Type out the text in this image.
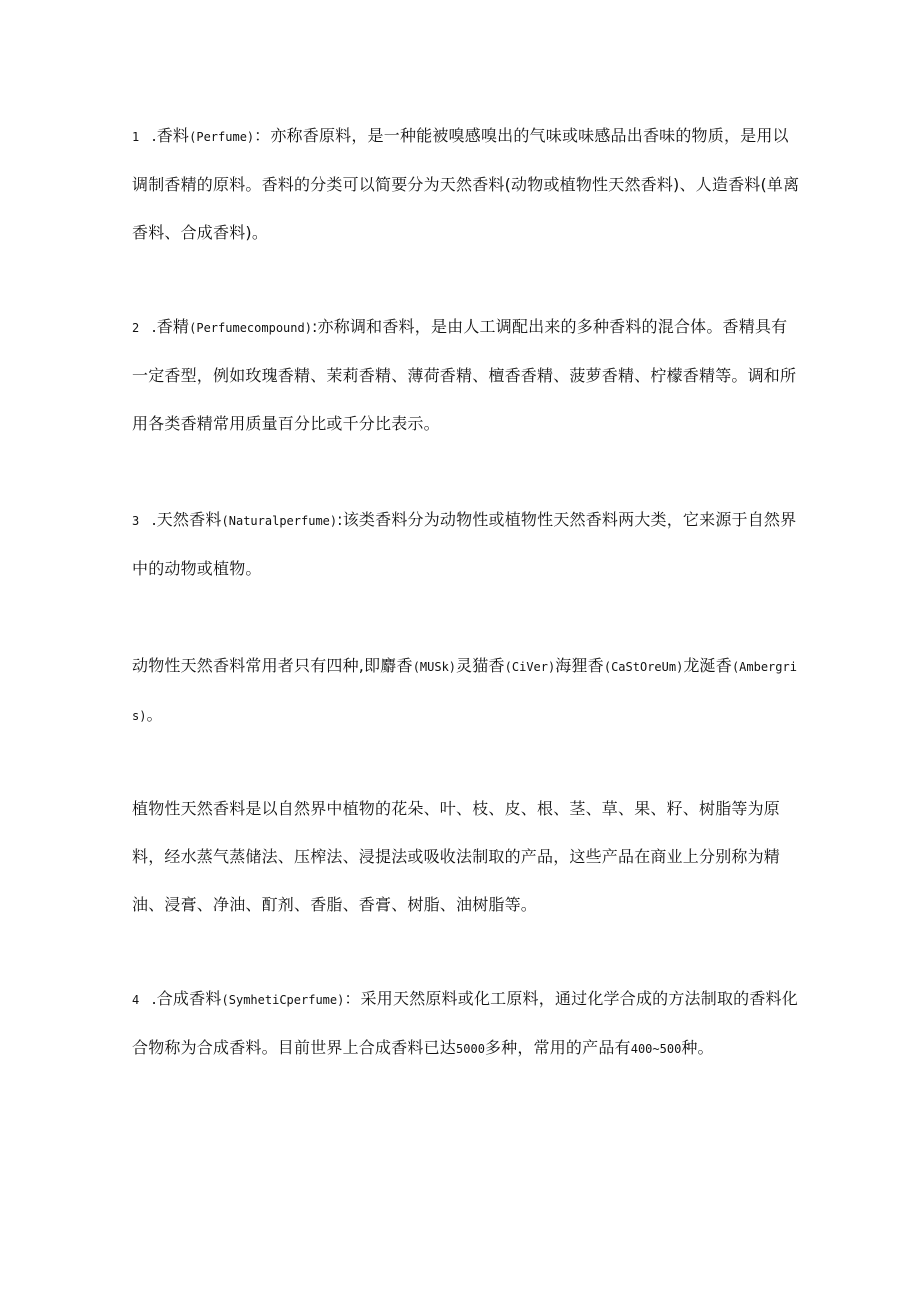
1 .香料(Perfume)：亦称香原料，是一种能被嗅感嗅出的气味或味感品出香味的物质，是用以调制香精的原料。香料的分类可以简要分为天然香料(动物或植物性天然香料)、人造香料(单离香料、合成香料)。

2 .香精(Perfumecompound):亦称调和香料，是由人工调配出来的多种香料的混合体。香精具有一定香型，例如玫瑰香精、茉莉香精、薄荷香精、檀香香精、菠萝香精、柠檬香精等。调和所用各类香精常用质量百分比或千分比表示。

3 .天然香料(Naturalperfume):该类香料分为动物性或植物性天然香料两大类，它来源于自然界中的动物或植物。

动物性天然香料常用者只有四种,即麝香(MUSk)灵猫香(CiVer)海狸香(CaStOreUm)龙涎香(Ambergris)。

植物性天然香料是以自然界中植物的花朵、叶、枝、皮、根、茎、草、果、籽、树脂等为原料，经水蒸气蒸储法、压榨法、浸提法或吸收法制取的产品，这些产品在商业上分别称为精油、浸膏、净油、酊剂、香脂、香膏、树脂、油树脂等。

4 .合成香料(SymhetiCperfume)：采用天然原料或化工原料，通过化学合成的方法制取的香料化合物称为合成香料。目前世界上合成香料已达5000多种，常用的产品有400~500种。
